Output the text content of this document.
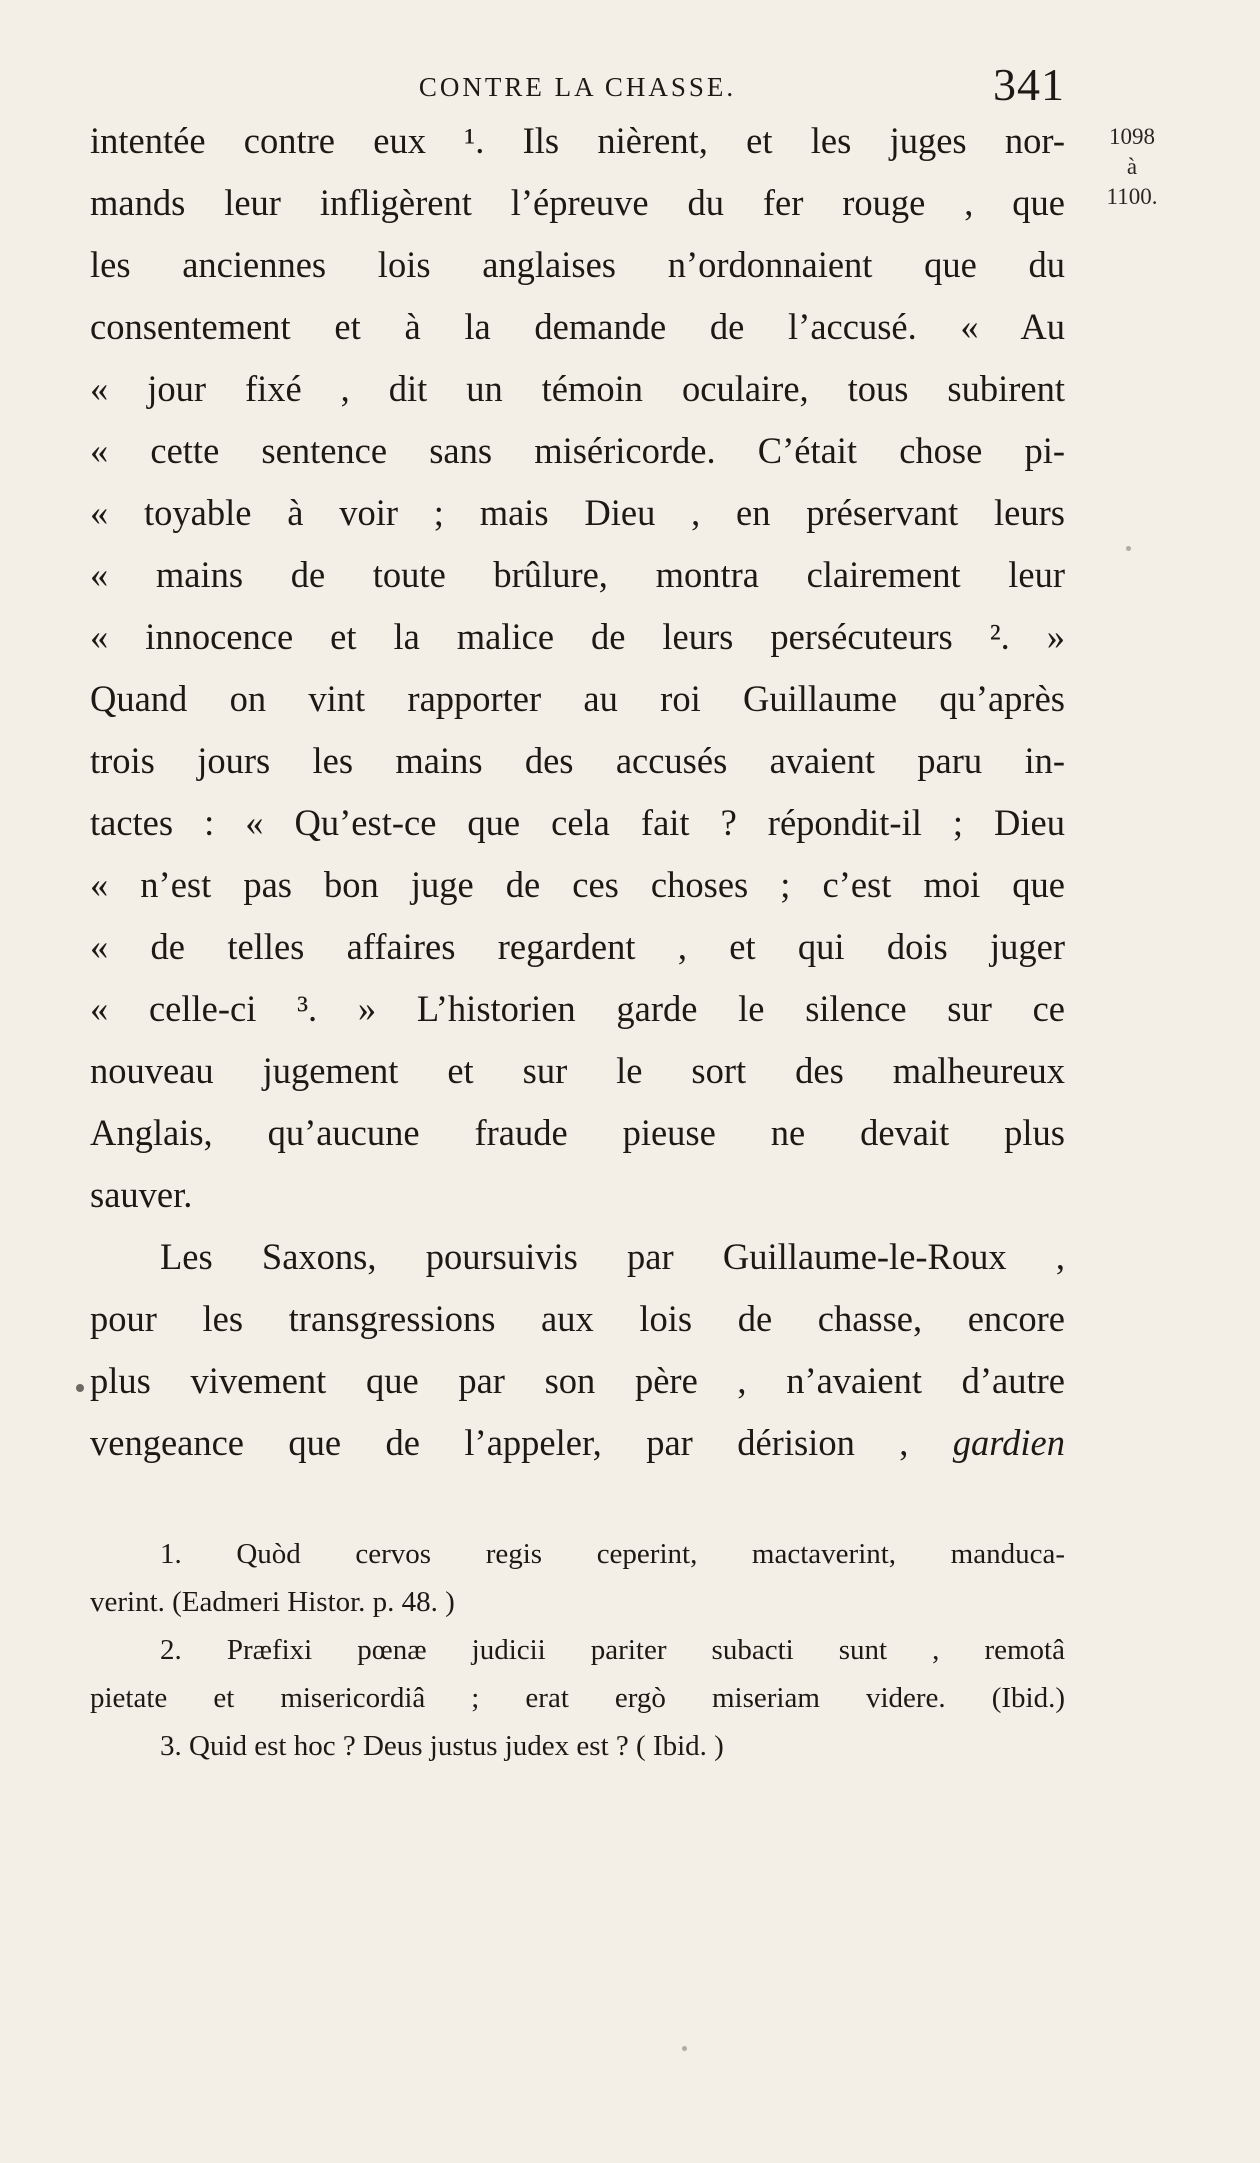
CONTRE LA CHASSE.	341
1098
à
1100.
intentée contre eux ¹. Ils nièrent, et les juges nor-
mands leur infligèrent l’épreuve du fer rouge , que
les anciennes lois anglaises n’ordonnaient que du
consentement et à la demande de l’accusé. « Au
« jour fixé , dit un témoin oculaire, tous subirent
« cette sentence sans miséricorde. C’était chose pi-
« toyable à voir ; mais Dieu , en préservant leurs
« mains de toute brûlure, montra clairement leur
« innocence et la malice de leurs persécuteurs ². »
Quand on vint rapporter au roi Guillaume qu’après
trois jours les mains des accusés avaient paru in-
tactes : « Qu’est-ce que cela fait ? répondit-il ; Dieu
« n’est pas bon juge de ces choses ; c’est moi que
« de telles affaires regardent , et qui dois juger
« celle-ci ³. » L’historien garde le silence sur ce
nouveau jugement et sur le sort des malheureux
Anglais, qu’aucune fraude pieuse ne devait plus
sauver.
Les Saxons, poursuivis par Guillaume-le-Roux ,
pour les transgressions aux lois de chasse, encore
plus vivement que par son père , n’avaient d’autre
vengeance que de l’appeler, par dérision , gardien
1. Quòd cervos regis ceperint, mactaverint, manduca-
verint. (Eadmeri Histor. p. 48. )
2. Præfixi pœnæ judicii pariter subacti sunt , remotâ
pietate et misericordiâ ; erat ergò miseriam videre. (Ibid.)
3. Quid est hoc ? Deus justus judex est ? ( Ibid. )
